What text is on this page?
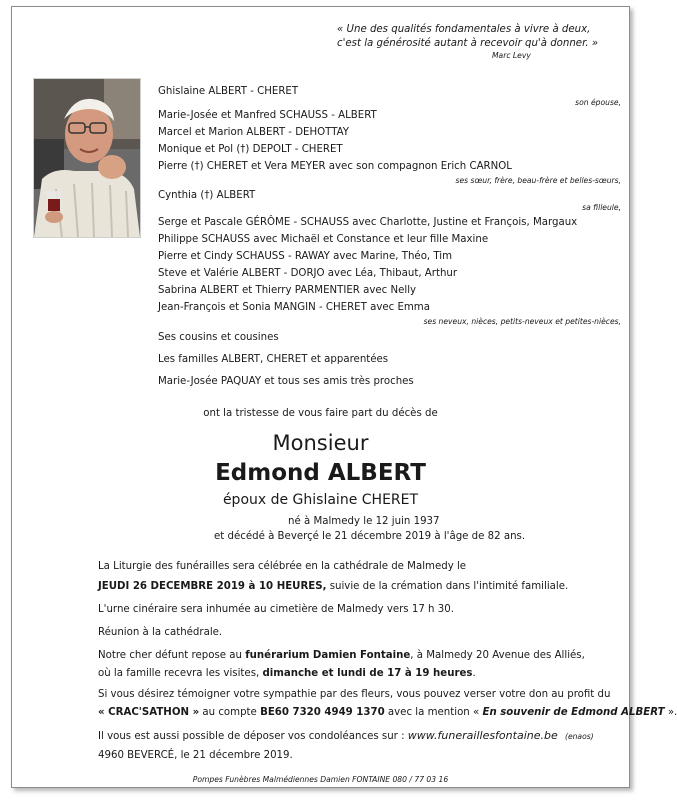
« Une des qualités fondamentales à vivre à deux,
c'est la générosité autant à recevoir qu'à donner. »
Marc Levy
Ghislaine ALBERT - CHERET
son épouse,
Marie-Josée et Manfred SCHAUSS - ALBERT
Marcel et Marion ALBERT - DEHOTTAY
Monique et Pol (†) DEPOLT - CHERET
Pierre (†) CHERET et Vera MEYER avec son compagnon Erich CARNOL
ses sœur, frère, beau-frère et belles-sœurs,
Cynthia (†) ALBERT
sa filleule,
Serge et Pascale GÉRÔME - SCHAUSS avec Charlotte, Justine et François, Margaux
Philippe SCHAUSS avec Michaël et Constance et leur fille Maxine
Pierre et Cindy SCHAUSS - RAWAY avec Marine, Théo, Tim
Steve et Valérie ALBERT - DORJO avec Léa, Thibaut, Arthur
Sabrina ALBERT et Thierry PARMENTIER avec Nelly
Jean-François et Sonia MANGIN - CHERET avec Emma
ses neveux, nièces, petits-neveux et petites-nièces,
Ses cousins et cousines
Les familles ALBERT, CHERET et apparentées
Marie-Josée PAQUAY et tous ses amis très proches
ont la tristesse de vous faire part du décès de
Monsieur
Edmond ALBERT
époux de Ghislaine CHERET
né à Malmedy le 12 juin 1937
et décédé à Beverçé le 21 décembre 2019 à l'âge de 82 ans.
La Liturgie des funérailles sera célébrée en la cathédrale de Malmedy le
JEUDI 26 DECEMBRE 2019 à 10 HEURES, suivie de la crémation dans l'intimité familiale.
L'urne cinéraire sera inhumée au cimetière de Malmedy vers 17 h 30.
Réunion à la cathédrale.
Notre cher défunt repose au funérarium Damien Fontaine, à Malmedy 20 Avenue des Alliés,
où la famille recevra les visites, dimanche et lundi de 17 à 19 heures.
Si vous désirez témoigner votre sympathie par des fleurs, vous pouvez verser votre don au profit du
« CRAC'SATHON » au compte BE60 7320 4949 1370 avec la mention « En souvenir de Edmond ALBERT ».
Il vous est aussi possible de déposer vos condoléances sur : www.funeraillesfontaine.be (enaos)
4960 BEVERCÉ, le 21 décembre 2019.
Pompes Funèbres Malmédiennes Damien FONTAINE 080 / 77 03 16
